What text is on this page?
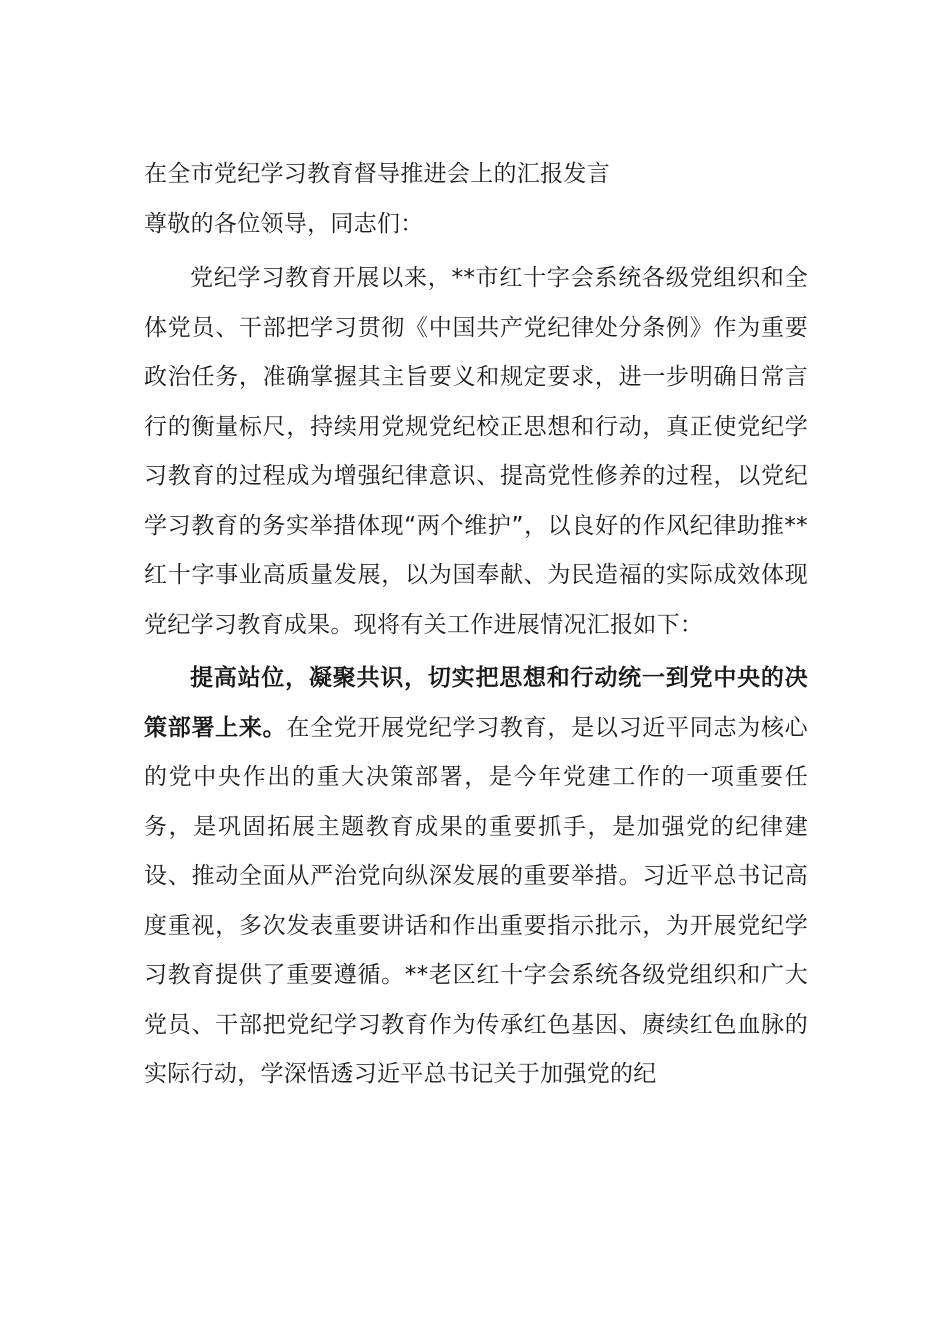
在全市党纪学习教育督导推进会上的汇报发言
尊敬的各位领导，同志们：

党纪学习教育开展以来，**市红十字会系统各级党组织和全体党员、干部把学习贯彻《中国共产党纪律处分条例》作为重要政治任务，准确掌握其主旨要义和规定要求，进一步明确日常言行的衡量标尺，持续用党规党纪校正思想和行动，真正使党纪学习教育的过程成为增强纪律意识、提高党性修养的过程，以党纪学习教育的务实举措体现“两个维护”，以良好的作风纪律助推**红十字事业高质量发展，以为国奉献、为民造福的实际成效体现党纪学习教育成果。现将有关工作进展情况汇报如下：

提高站位，凝聚共识，切实把思想和行动统一到党中央的决策部署上来。在全党开展党纪学习教育，是以习近平同志为核心的党中央作出的重大决策部署，是今年党建工作的一项重要任务，是巩固拓展主题教育成果的重要抓手，是加强党的纪律建设、推动全面从严治党向纵深发展的重要举措。习近平总书记高度重视，多次发表重要讲话和作出重要指示批示，为开展党纪学习教育提供了重要遵循。**老区红十字会系统各级党组织和广大党员、干部把党纪学习教育作为传承红色基因、赓续红色血脉的实际行动，学深悟透习近平总书记关于加强党的纪
